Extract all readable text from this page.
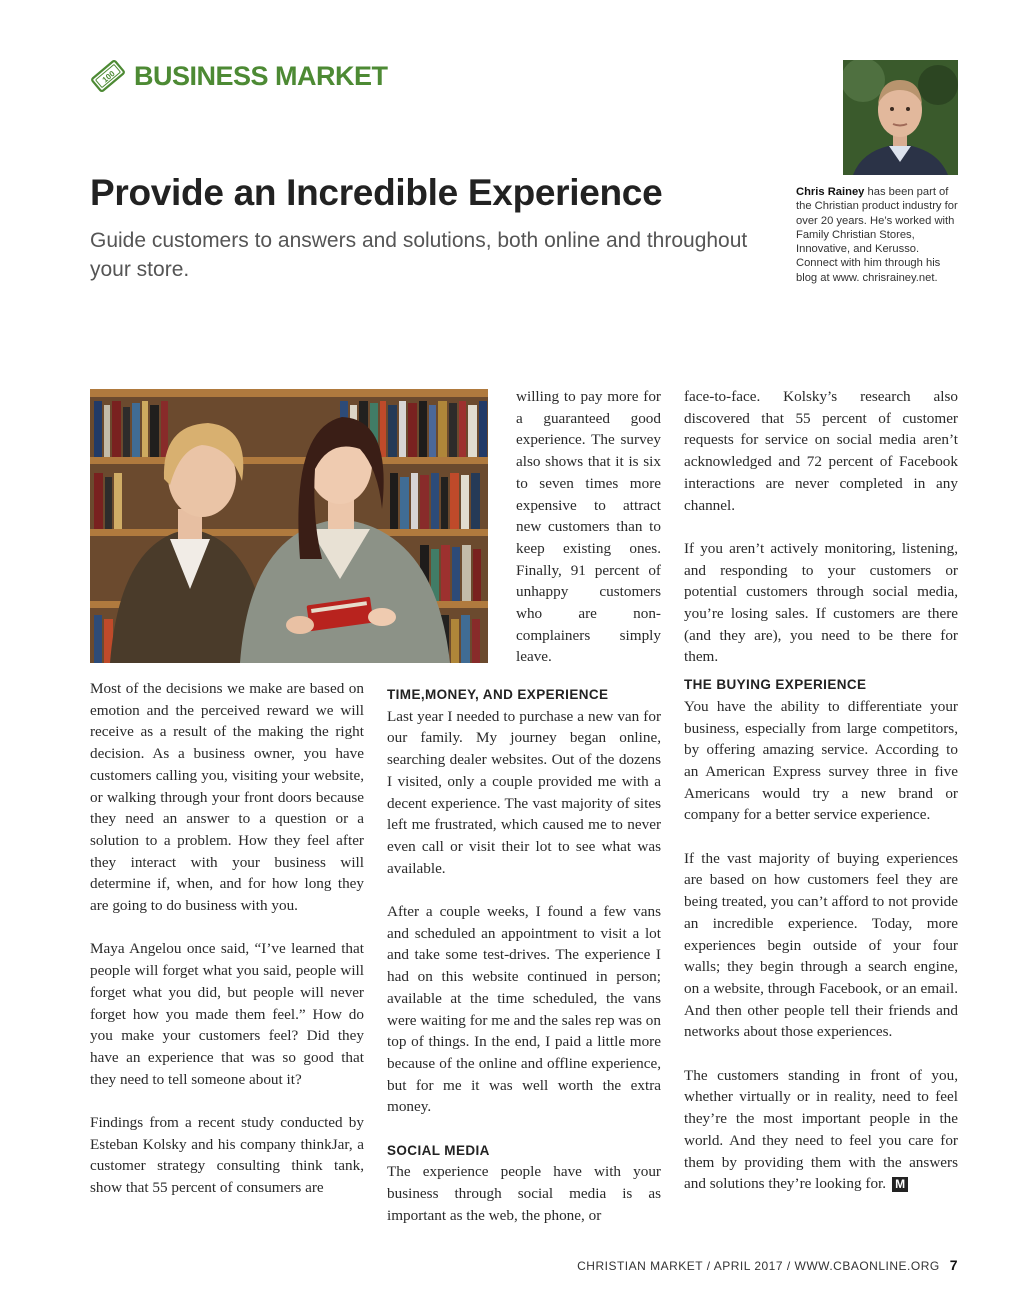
100 BUSINESS MARKET
Chris Rainey has been part of the Christian product industry for over 20 years. He’s worked with Family Christian Stores, Innovative, and Kerusso. Connect with him through his blog at www. chrisrainey.net.
Provide an Incredible Experience

Guide customers to answers and solutions, both online and throughout your store.

Most of the decisions we make are based on emotion and the perceived reward we will receive as a result of the making the right decision. As a business owner, you have customers calling you, visiting your website, or walking through your front doors because they need an answer to a question or a solution to a problem. How they feel after they interact with your business will determine if, when, and for how long they are going to do business with you.

Maya Angelou once said, “I’ve learned that people will forget what you said, people will forget what you did, but people will never forget how you made them feel.” How do you make your customers feel? Did they have an experience that was so good that they need to tell someone about it?

Findings from a recent study conducted by Esteban Kolsky and his company thinkJar, a customer strategy consulting think tank, show that 55 percent of consumers are

willing to pay more for a guaranteed good experience. The survey also shows that it is six to seven times more expensive to attract new customers than to keep existing ones. Finally, 91 percent of unhappy customers who are non-complainers simply leave.

TIME,MONEY, AND EXPERIENCE

Last year I needed to purchase a new van for our family. My journey began online, searching dealer websites. Out of the dozens I visited, only a couple provided me with a decent experience. The vast majority of sites left me frustrated, which caused me to never even call or visit their lot to see what was available.

After a couple weeks, I found a few vans and scheduled an appointment to visit a lot and take some test-drives. The experience I had on this website continued in person; available at the time scheduled, the vans were waiting for me and the sales rep was on top of things. In the end, I paid a little more because of the online and offline experience, but for me it was well worth the extra money.

SOCIAL MEDIA

The experience people have with your business through social media is as important as the web, the phone, or

face-to-face. Kolsky’s research also discovered that 55 percent of customer requests for service on social media aren’t acknowledged and 72 percent of Facebook interactions are never completed in any channel.

If you aren’t actively monitoring, listening, and responding to your customers or potential customers through social media, you’re losing sales. If customers are there (and they are), you need to be there for them.

THE BUYING EXPERIENCE

You have the ability to differentiate your business, especially from large competitors, by offering amazing service. According to an American Express survey three in five Americans would try a new brand or company for a better service experience.

If the vast majority of buying experiences are based on how customers feel they are being treated, you can’t afford to not provide an incredible experience. Today, more experiences begin outside of your four walls; they begin through a search engine, on a website, through Facebook, or an email. And then other people tell their friends and networks about those experiences.

The customers standing in front of you, whether virtually or in reality, need to feel they’re the most important people in the world. And they need to feel you care for them by providing them with the answers and solutions they’re looking for. M

CHRISTIAN MARKET / APRIL 2017 / WWW.CBAONLINE.ORG 7
